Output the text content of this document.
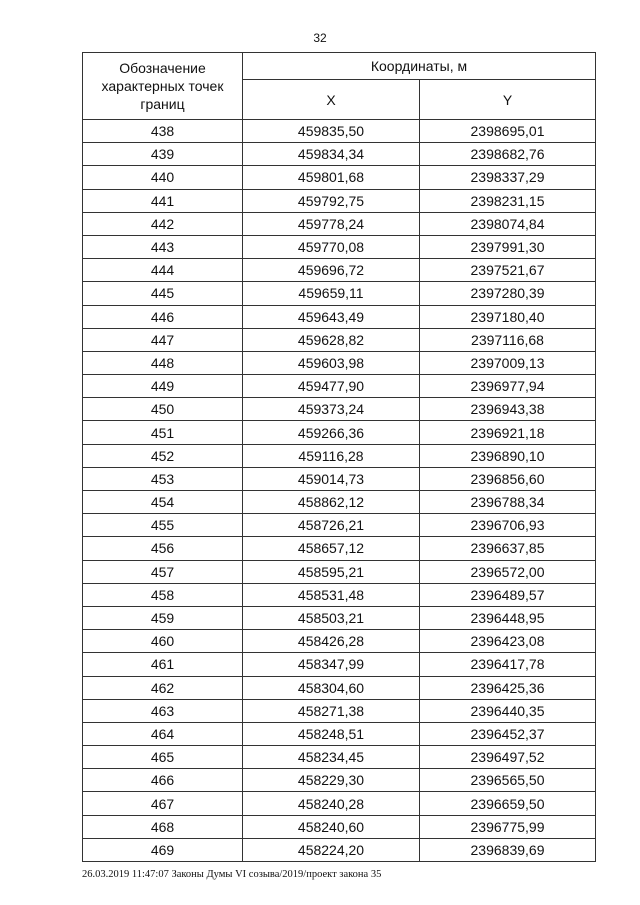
32
Обозначение характерных точек границ	Координаты, м	
	X	Y
438	459835,50	2398695,01
439	459834,34	2398682,76
440	459801,68	2398337,29
441	459792,75	2398231,15
442	459778,24	2398074,84
443	459770,08	2397991,30
444	459696,72	2397521,67
445	459659,11	2397280,39
446	459643,49	2397180,40
447	459628,82	2397116,68
448	459603,98	2397009,13
449	459477,90	2396977,94
450	459373,24	2396943,38
451	459266,36	2396921,18
452	459116,28	2396890,10
453	459014,73	2396856,60
454	458862,12	2396788,34
455	458726,21	2396706,93
456	458657,12	2396637,85
457	458595,21	2396572,00
458	458531,48	2396489,57
459	458503,21	2396448,95
460	458426,28	2396423,08
461	458347,99	2396417,78
462	458304,60	2396425,36
463	458271,38	2396440,35
464	458248,51	2396452,37
465	458234,45	2396497,52
466	458229,30	2396565,50
467	458240,28	2396659,50
468	458240,60	2396775,99
469	458224,20	2396839,69
26.03.2019 11:47:07 Законы Думы VI созыва/2019/проект закона 35
